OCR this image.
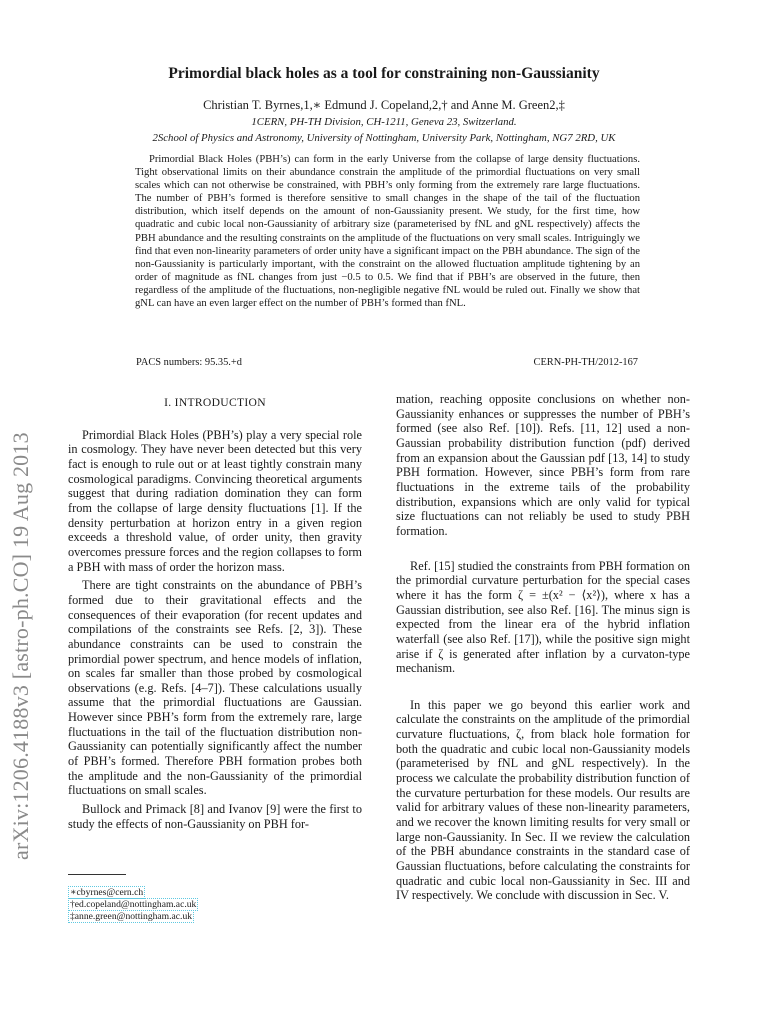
arXiv:1206.4188v3 [astro-ph.CO] 19 Aug 2013
Primordial black holes as a tool for constraining non-Gaussianity
Christian T. Byrnes,1,∗ Edmund J. Copeland,2,† and Anne M. Green2,‡
1CERN, PH-TH Division, CH-1211, Geneva 23, Switzerland.
2School of Physics and Astronomy, University of Nottingham, University Park, Nottingham, NG7 2RD, UK

Primordial Black Holes (PBH’s) can form in the early Universe from the collapse of large density fluctuations. Tight observational limits on their abundance constrain the amplitude of the primordial fluctuations on very small scales which can not otherwise be constrained, with PBH’s only forming from the extremely rare large fluctuations. The number of PBH’s formed is therefore sensitive to small changes in the shape of the tail of the fluctuation distribution, which itself depends on the amount of non-Gaussianity present. We study, for the first time, how quadratic and cubic local non-Gaussianity of arbitrary size (parameterised by fNL and gNL respectively) affects the PBH abundance and the resulting constraints on the amplitude of the fluctuations on very small scales. Intriguingly we find that even non-linearity parameters of order unity have a significant impact on the PBH abundance. The sign of the non-Gaussianity is particularly important, with the constraint on the allowed fluctuation amplitude tightening by an order of magnitude as fNL changes from just −0.5 to 0.5. We find that if PBH’s are observed in the future, then regardless of the amplitude of the fluctuations, non-negligible negative fNL would be ruled out. Finally we show that gNL can have an even larger effect on the number of PBH’s formed than fNL.

PACS numbers: 95.35.+d	CERN-PH-TH/2012-167
I. INTRODUCTION

Primordial Black Holes (PBH’s) play a very special role in cosmology. They have never been detected but this very fact is enough to rule out or at least tightly constrain many cosmological paradigms. Convincing theoretical arguments suggest that during radiation domination they can form from the collapse of large density fluctuations [1]. If the density perturbation at horizon entry in a given region exceeds a threshold value, of order unity, then gravity overcomes pressure forces and the region collapses to form a PBH with mass of order the horizon mass.

There are tight constraints on the abundance of PBH’s formed due to their gravitational effects and the consequences of their evaporation (for recent updates and compilations of the constraints see Refs. [2, 3]). These abundance constraints can be used to constrain the primordial power spectrum, and hence models of inflation, on scales far smaller than those probed by cosmological observations (e.g. Refs. [4–7]). These calculations usually assume that the primordial fluctuations are Gaussian. However since PBH’s form from the extremely rare, large fluctuations in the tail of the fluctuation distribution non-Gaussianity can potentially significantly affect the number of PBH’s formed. Therefore PBH formation probes both the amplitude and the non-Gaussianity of the primordial fluctuations on small scales.

Bullock and Primack [8] and Ivanov [9] were the first to study the effects of non-Gaussianity on PBH for-

mation, reaching opposite conclusions on whether non-Gaussianity enhances or suppresses the number of PBH’s formed (see also Ref. [10]). Refs. [11, 12] used a non-Gaussian probability distribution function (pdf) derived from an expansion about the Gaussian pdf [13, 14] to study PBH formation. However, since PBH’s form from rare fluctuations in the extreme tails of the probability distribution, expansions which are only valid for typical size fluctuations can not reliably be used to study PBH formation.

Ref. [15] studied the constraints from PBH formation on the primordial curvature perturbation for the special cases where it has the form ζ = ±(x² − ⟨x²⟩), where x has a Gaussian distribution, see also Ref. [16]. The minus sign is expected from the linear era of the hybrid inflation waterfall (see also Ref. [17]), while the positive sign might arise if ζ is generated after inflation by a curvaton-type mechanism.

In this paper we go beyond this earlier work and calculate the constraints on the amplitude of the primordial curvature fluctuations, ζ, from black hole formation for both the quadratic and cubic local non-Gaussianity models (parameterised by fNL and gNL respectively). In the process we calculate the probability distribution function of the curvature perturbation for these models. Our results are valid for arbitrary values of these non-linearity parameters, and we recover the known limiting results for very small or large non-Gaussianity. In Sec. II we review the calculation of the PBH abundance constraints in the standard case of Gaussian fluctuations, before calculating the constraints for quadratic and cubic local non-Gaussianity in Sec. III and IV respectively. We conclude with discussion in Sec. V.

∗cbyrnes@cern.ch
†ed.copeland@nottingham.ac.uk
‡anne.green@nottingham.ac.uk
